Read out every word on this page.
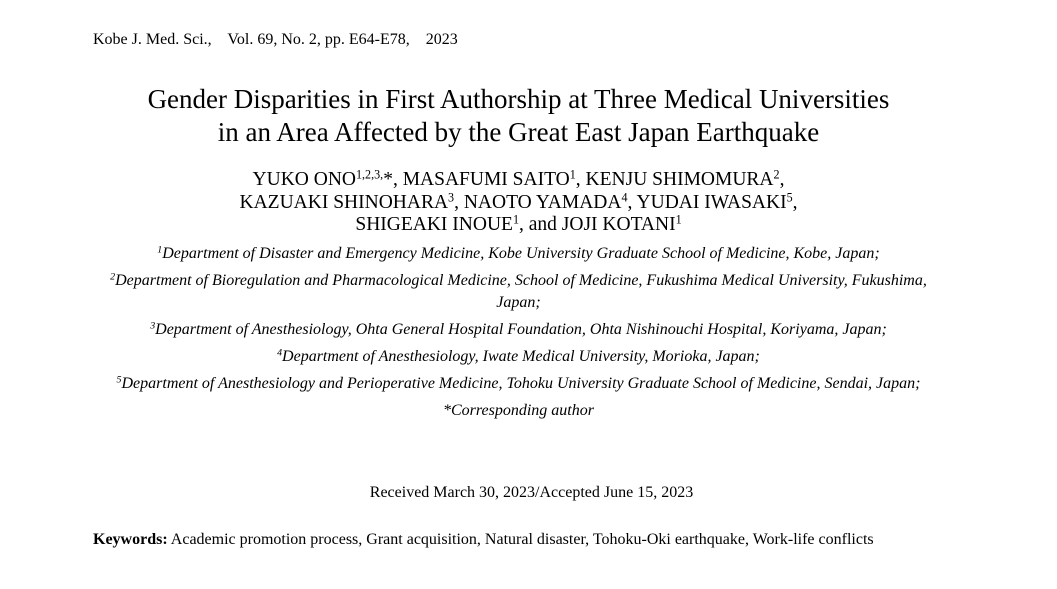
Kobe J. Med. Sci., Vol. 69, No. 2, pp. E64-E78, 2023
Gender Disparities in First Authorship at Three Medical Universities
in an Area Affected by the Great East Japan Earthquake
YUKO $ONO^{1,2,3,}*$, MASAFUMI SAITO$^1$, KENJU SHIMOMURA$^2$,
KAZUAKI SHINOHARA$^3$, NAOTO YAMADA$^4$, YUDAI IWASAKI$^5$,
SHIGEAKI INOUE$^1$, and JOJI KOTANI$^1$
$^1$Department of Disaster and Emergency Medicine, Kobe University Graduate School of Medicine, Kobe, Japan;
$^2$Department of Bioregulation and Pharmacological Medicine, School of Medicine, Fukushima Medical University, Fukushima, Japan;
$^3$Department of Anesthesiology, Ohta General Hospital Foundation, Ohta Nishinouchi Hospital, Koriyama, Japan;
$^4$Department of Anesthesiology, Iwate Medical University, Morioka, Japan;
$^5$Department of Anesthesiology and Perioperative Medicine, Tohoku University Graduate School of Medicine, Sendai, Japan;
*Corresponding author
Received March 30, 2023/Accepted June 15, 2023
Keywords: Academic promotion process, Grant acquisition, Natural disaster, Tohoku-Oki earthquake, Work-life conflicts
